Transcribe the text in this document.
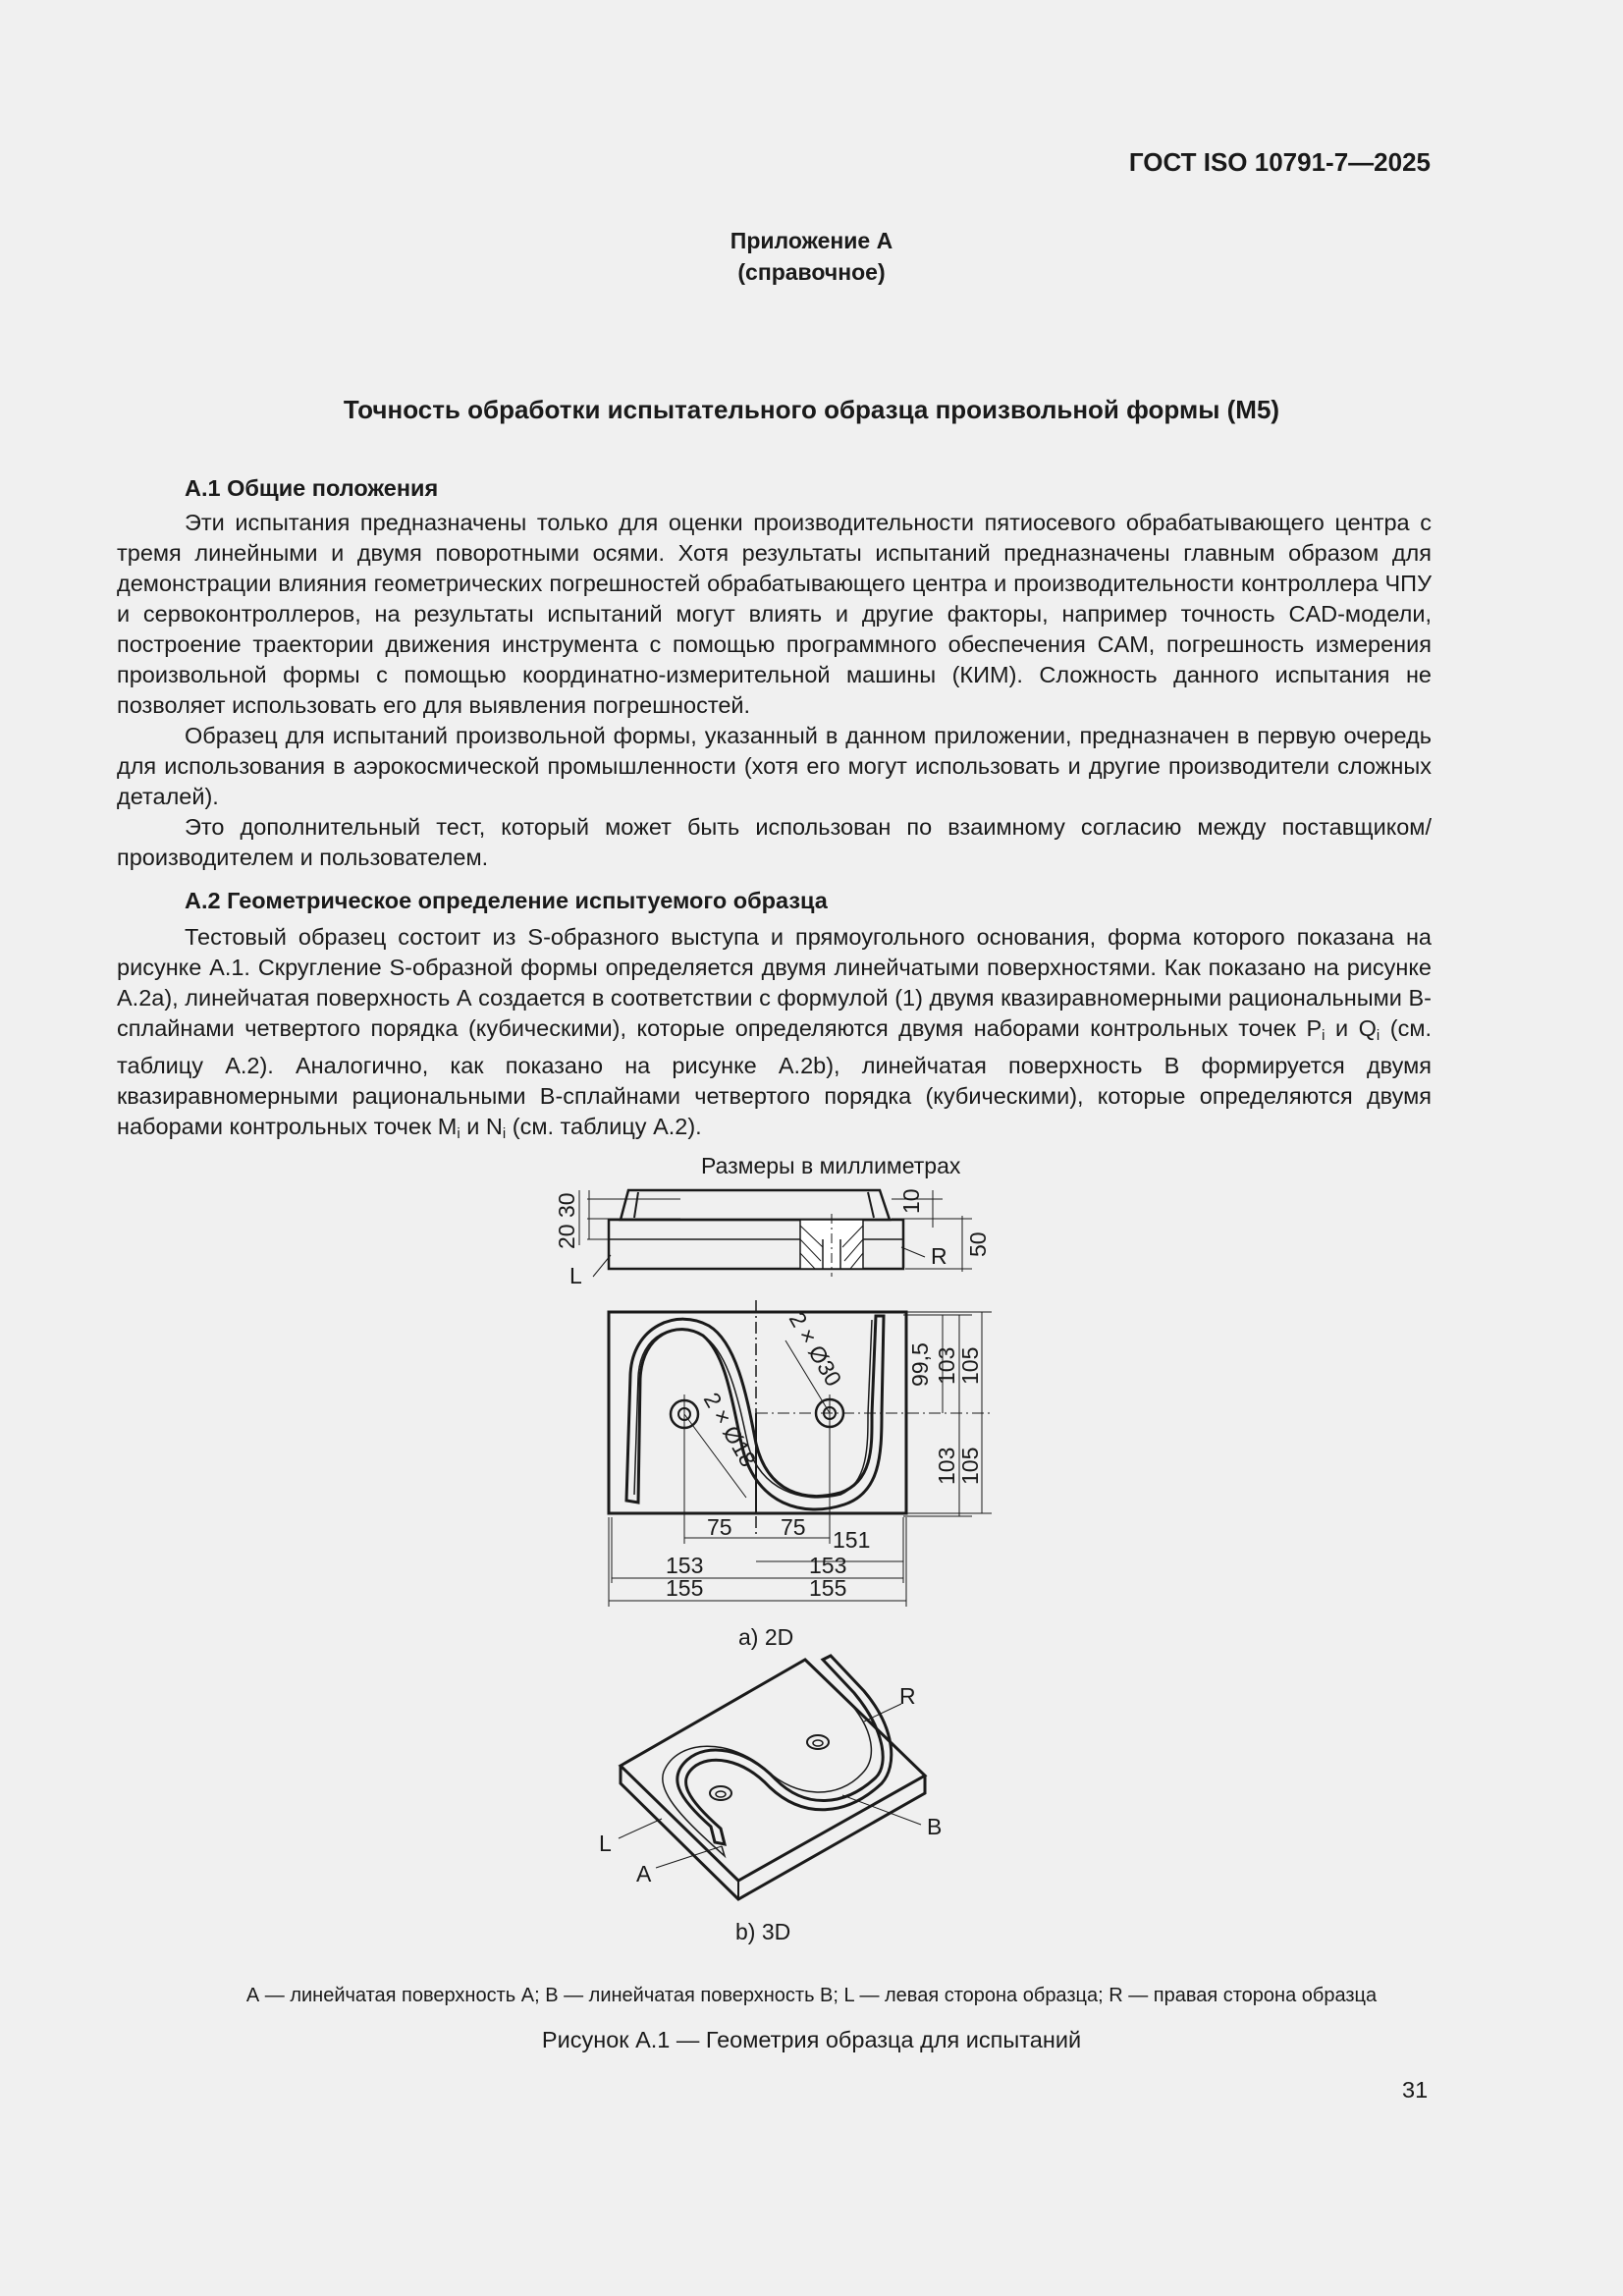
ГОСТ ISO 10791-7—2025
Приложение А
(справочное)
Точность обработки испытательного образца произвольной формы (M5)
А.1 Общие положения

Эти испытания предназначены только для оценки производительности пятиосевого обрабатывающего центра с тремя линейными и двумя поворотными осями. Хотя результаты испытаний предназначены главным образом для демонстрации влияния геометрических погрешностей обрабатывающего центра и производительности контроллера ЧПУ и сервоконтроллеров, на результаты испытаний могут влиять и другие факторы, например точность CAD-модели, построение траектории движения инструмента с помощью программного обеспечения CAM, погрешность измерения произвольной формы с помощью координатно-измерительной машины (КИМ). Сложность данного испытания не позволяет использовать его для выявления погрешностей.

Образец для испытаний произвольной формы, указанный в данном приложении, предназначен в первую очередь для использования в аэрокосмической промышленности (хотя его могут использовать и другие производители сложных деталей).

Это дополнительный тест, который может быть использован по взаимному согласию между поставщиком/производителем и пользователем.

А.2 Геометрическое определение испытуемого образца

Тестовый образец состоит из S-образного выступа и прямоугольного основания, форма которого показана на рисунке А.1. Скругление S-образной формы определяется двумя линейчатыми поверхностями. Как показано на рисунке А.2а), линейчатая поверхность А создается в соответствии с формулой (1) двумя квазиравномерными рациональными B-сплайнами четвертого порядка (кубическими), которые определяются двумя наборами контрольных точек $P_i$ и $Q_i$ (см. таблицу А.2). Аналогично, как показано на рисунке А.2b), линейчатая поверхность B формируется двумя квазиравномерными рациональными B-сплайнами четвертого порядка (кубическими), которые определяются двумя наборами контрольных точек $M_i$ и $N_i$ (см. таблицу А.2).

Размеры в миллиметрах
30
20
10
50
L
R
2 × Ø18
2 × Ø30	99,5 103
105
103
105
75 75 151
153	153
155	155
a) 2D
R
B
L
A
b) 3D
А — линейчатая поверхность А; B — линейчатая поверхность B; L — левая сторона образца; R — правая сторона образца
Рисунок А.1 — Геометрия образца для испытаний
31
